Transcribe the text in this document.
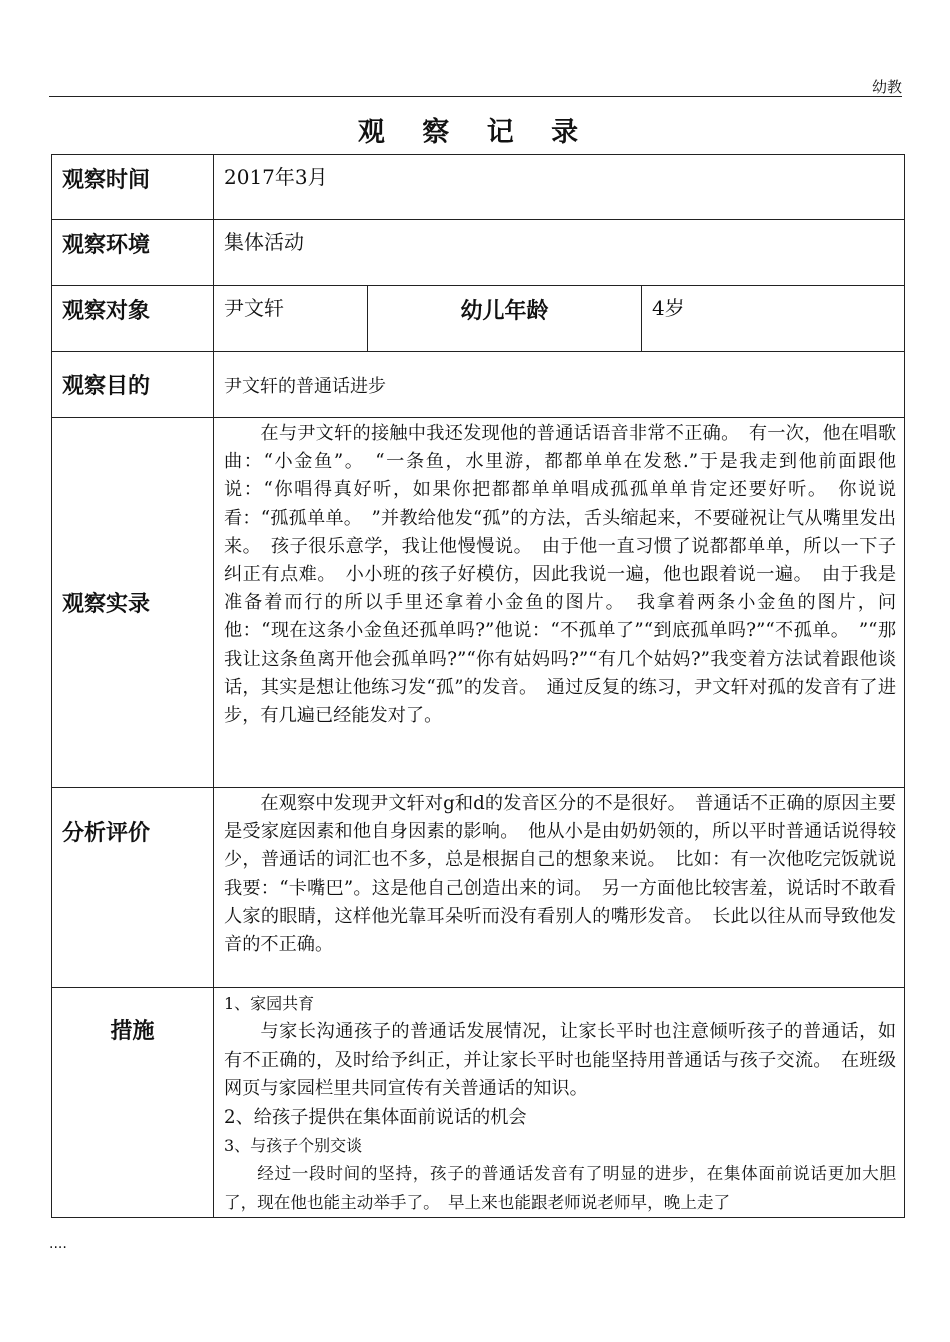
幼教
观 察 记 录
观察时间	2017年3月		
观察环境	集体活动		
观察对象	尹文轩	幼儿年龄	4岁
观察目的	尹文轩的普通话进步		
观察实录	在与尹文轩的接触中我还发现他的普通话语音非常不正确。　有一次，他在唱歌曲：“小金鱼”。　“一条鱼，水里游，都都单单在发愁.”于是我走到他前面跟他说：“你唱得真好听，如果你把都都单单唱成孤孤单单肯定还要好听。　你说说看：“孤孤单单。　”并教给他发“孤”的方法，舌头缩起来，不要碰祝让气从嘴里发出来。　孩子很乐意学，我让他慢慢说。　由于他一直习惯了说都都单单，所以一下子纠正有点难。　小小班的孩子好模仿，因此我说一遍，他也跟着说一遍。　由于我是准备着而行的所以手里还拿着小金鱼的图片。　我拿着两条小金鱼的图片，问他：“现在这条小金鱼还孤单吗?”他说：“不孤单了”“到底孤单吗?”“不孤单。　”“那我让这条鱼离开他会孤单吗?”“你有姑妈吗?”“有几个姑妈?”我变着方法试着跟他谈话，其实是想让他练习发“孤”的发音。　通过反复的练习，尹文轩对孤的发音有了进步，有几遍已经能发对了。		
分析评价	在观察中发现尹文轩对g和d的发音区分的不是很好。　普通话不正确的原因主要是受家庭因素和他自身因素的影响。　他从小是由奶奶领的，所以平时普通话说得较少，普通话的词汇也不多，总是根据自己的想象来说。　比如：有一次他吃完饭就说我要：“卡嘴巴”。这是他自己创造出来的词。　另一方面他比较害羞，说话时不敢看人家的眼睛，这样他光靠耳朵听而没有看别人的嘴形发音。　长此以往从而导致他发音的不正确。		
措施	1、家园共育

与家长沟通孩子的普通话发展情况，让家长平时也注意倾听孩子的普通话，如有不正确的，及时给予纠正，并让家长平时也能坚持用普通话与孩子交流。　在班级网页与家园栏里共同宣传有关普通话的知识。

2、给孩子提供在集体面前说话的机会

3、与孩子个别交谈

经过一段时间的坚持，孩子的普通话发音有了明显的进步，在集体面前说话更加大胆了，现在他也能主动举手了。　早上来也能跟老师说老师早，晚上走了		

....
